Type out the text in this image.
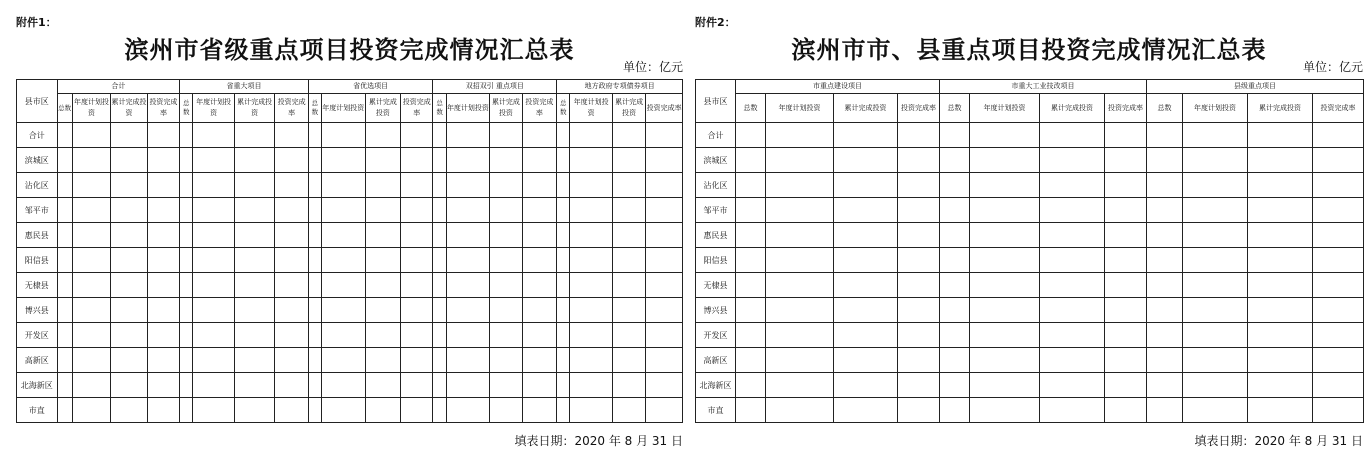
附件1：
滨州市省级重点项目投资完成情况汇总表
单位：亿元
县市区	合计				省重大项目				省优选项目				双招双引 重点项目				地方政府专项债券项目			
	总数	年度计划投资	累计完成投资	投资完成率	总数	年度计划投资	累计完成投资	投资完成率	总数	年度计划投资	累计完成投资	投资完成率	总数	年度计划投资	累计完成投资	投资完成率	总数	年度计划投资	累计完成投资	投资完成率
合计																				
滨城区																				
沾化区																				
邹平市																				
惠民县																				
阳信县																				
无棣县																				
博兴县																				
开发区																				
高新区																				
北海新区																				
市直																				
填表日期：2020 年 8 月 31 日
附件2：
滨州市市、县重点项目投资完成情况汇总表
单位：亿元
县市区	市重点建设项目				市重大工业技改项目				县级重点项目			
	总数	年度计划投资	累计完成投资	投资完成率	总数	年度计划投资	累计完成投资	投资完成率	总数	年度计划投资	累计完成投资	投资完成率
合计												
滨城区												
沾化区												
邹平市												
惠民县												
阳信县												
无棣县												
博兴县												
开发区												
高新区												
北海新区												
市直												
填表日期：2020 年 8 月 31 日
